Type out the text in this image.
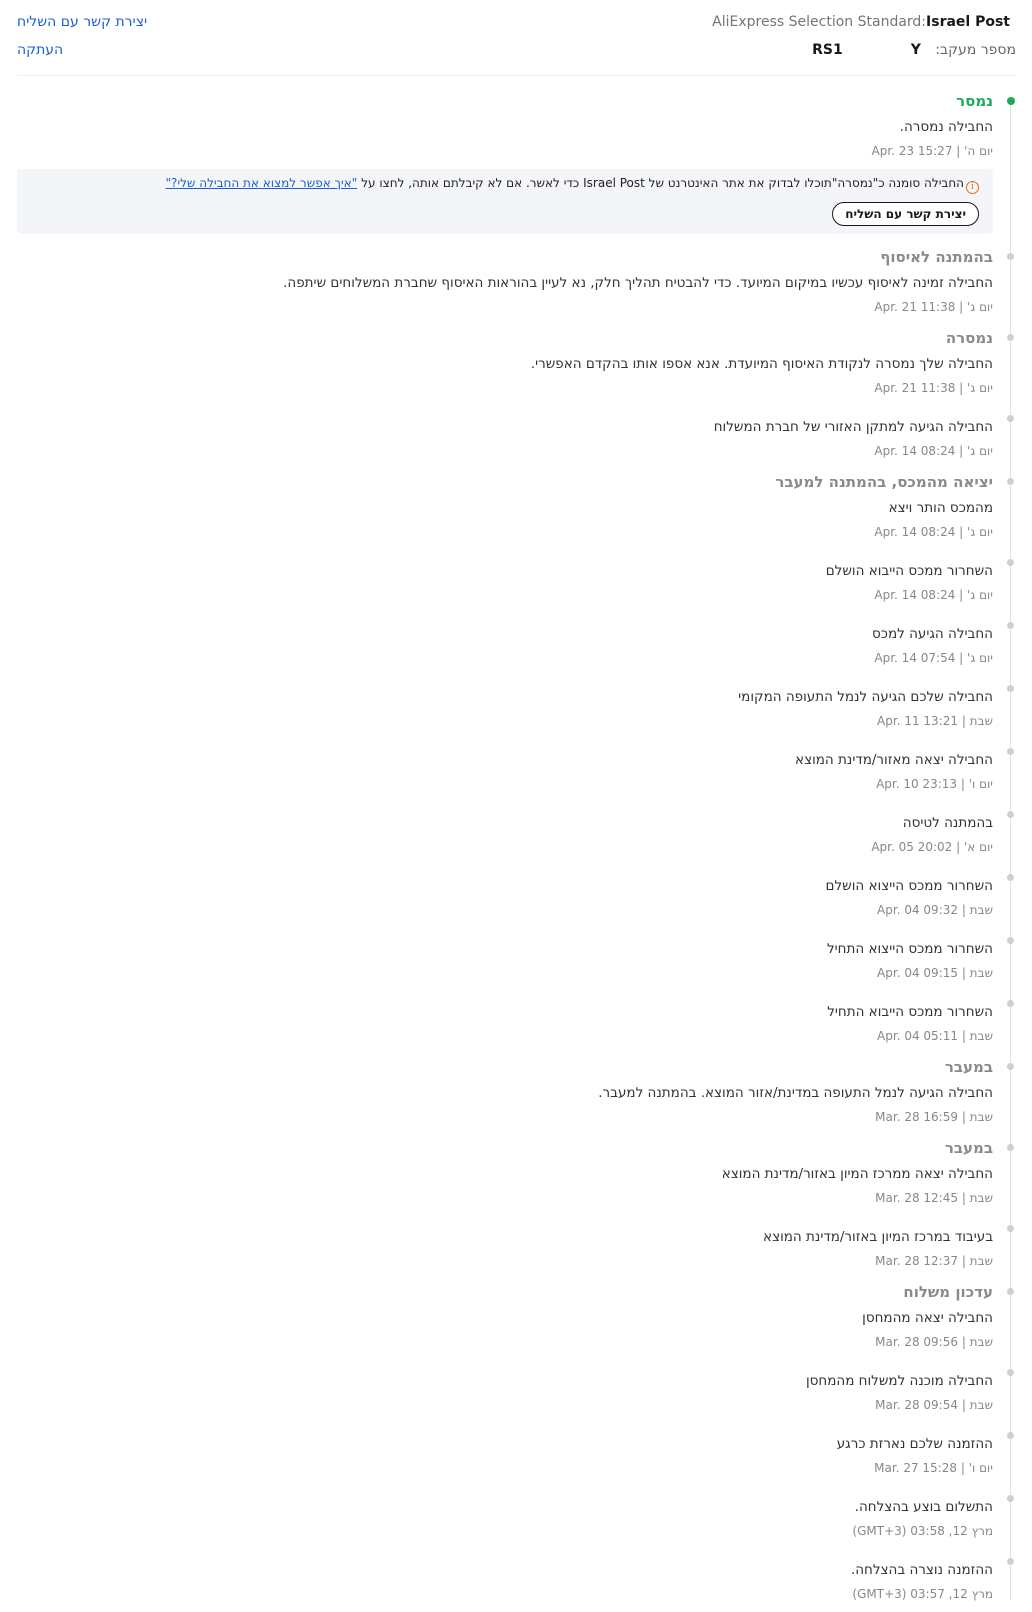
Israel PostAliExpress Selection Standard:
מספר מעקב: RS1	Y
יצירת קשר עם השליח
העתקה
נמסר
החבילה נמסרה.
יום ה' | Apr. 23 15:27
iהחבילה סומנה כ"נמסרה"תוכלו לבדוק את אתר האינטרנט של Israel Post כדי לאשר. אם לא קיבלתם אותה, לחצו על"איך אפשר למצוא את החבילה שלי?"
יצירת קשר עם השליח
בהמתנה לאיסוף
החבילה זמינה לאיסוף עכשיו במיקום המיועד. כדי להבטיח תהליך חלק, נא לעיין בהוראות האיסוף שחברת המשלוחים שיתפה.
יום ג' | Apr. 21 11:38
נמסרה
החבילה שלך נמסרה לנקודת האיסוף המיועדת. אנא אספו אותו בהקדם האפשרי.
יום ג' | Apr. 21 11:38
החבילה הגיעה למתקן האזורי של חברת המשלוח
יום ג' | Apr. 14 08:24
יציאה מהמכס, בהמתנה למעבר
מהמכס הותר ויצא
יום ג' | Apr. 14 08:24
השחרור ממכס הייבוא הושלם
יום ג' | Apr. 14 08:24
החבילה הגיעה למכס
יום ג' | Apr. 14 07:54
החבילה שלכם הגיעה לנמל התעופה המקומי
שבת | Apr. 11 13:21
החבילה יצאה מאזור/מדינת המוצא
יום ו' | Apr. 10 23:13
בהמתנה לטיסה
יום א' | Apr. 05 20:02
השחרור ממכס הייצוא הושלם
שבת | Apr. 04 09:32
השחרור ממכס הייצוא התחיל
שבת | Apr. 04 09:15
השחרור ממכס הייבוא התחיל
שבת | Apr. 04 05:11
במעבר
החבילה הגיעה לנמל התעופה במדינת/אזור המוצא. בהמתנה למעבר.
שבת | Mar. 28 16:59
במעבר
החבילה יצאה ממרכז המיון באזור/מדינת המוצא
שבת | Mar. 28 12:45
בעיבוד במרכז המיון באזור/מדינת המוצא
שבת | Mar. 28 12:37
עדכון משלוח
החבילה יצאה מהמחסן
שבת | Mar. 28 09:56
החבילה מוכנה למשלוח מהמחסן
שבת | Mar. 28 09:54
ההזמנה שלכם נארזת כרגע
יום ו' | Mar. 27 15:28
התשלום בוצע בהצלחה.
מרץ 12, 03:58 (GMT+3)
ההזמנה נוצרה בהצלחה.
מרץ 12, 03:57 (GMT+3)
